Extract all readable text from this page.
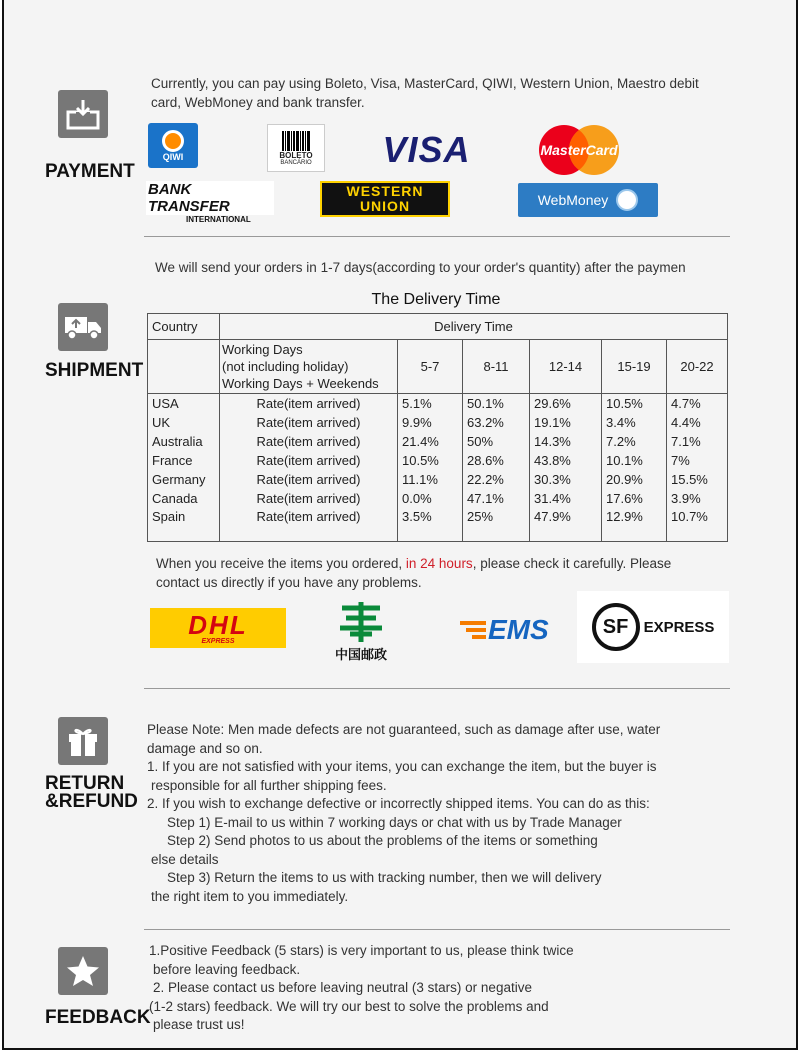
PAYMENT
Currently, you can pay using Boleto, Visa, MasterCard, QIWI, Western Union, Maestro debit card, WebMoney and bank transfer.
QIWI	BOLETO
BANCÁRIO VISA	MasterCard
BANK TRANSFER
INTERNATIONAL
WESTERN
UNION	WebMoney
SHIPMENT
We will send your orders in 1-7 days(according to your order's quantity) after the paymen
The Delivery Time
Country	Delivery Time					

	Working Days
(not including holiday)
Working Days + Weekends	5-7	8-11	12-14	15-19	20-22
USA	Rate(item arrived)	5.1%	50.1%	29.6%	10.5%	4.7%
UK	Rate(item arrived)	9.9%	63.2%	19.1%	3.4%	4.4%
Australia	Rate(item arrived)	21.4%	50%	14.3%	7.2%	7.1%
France	Rate(item arrived)	10.5%	28.6%	43.8%	10.1%	7%
Germany	Rate(item arrived)	11.1%	22.2%	30.3%	20.9%	15.5%
Canada	Rate(item arrived)	0.0%	47.1%	31.4%	17.6%	3.9%
Spain	Rate(item arrived)	3.5%	25%	47.9%	12.9%	10.7%
When you receive the items you ordered, in 24 hours, please check it carefully. Please
contact us directly if you have any problems.
DHL
EXPRESS
中国邮政
EMS	SF EXPRESS
RETURN
&REFUND
Please Note: Men made defects are not guaranteed, such as damage after use, water
damage and so on.
1. If you are not satisfied with your items, you can exchange the item, but the buyer is
responsible for all further shipping fees.
2. If you wish to exchange defective or incorrectly shipped items. You can do as this:
Step 1) E-mail to us within 7 working days or chat with us by Trade Manager
Step 2) Send photos to us about the problems of the items or something
else details
Step 3) Return the items to us with tracking number, then we will delivery
the right item to you immediately.
FEEDBACK
1.Positive Feedback (5 stars) is very important to us, please think twice
before leaving feedback.
2. Please contact us before leaving neutral (3 stars) or negative
(1-2 stars) feedback. We will try our best to solve the problems and
please trust us!
